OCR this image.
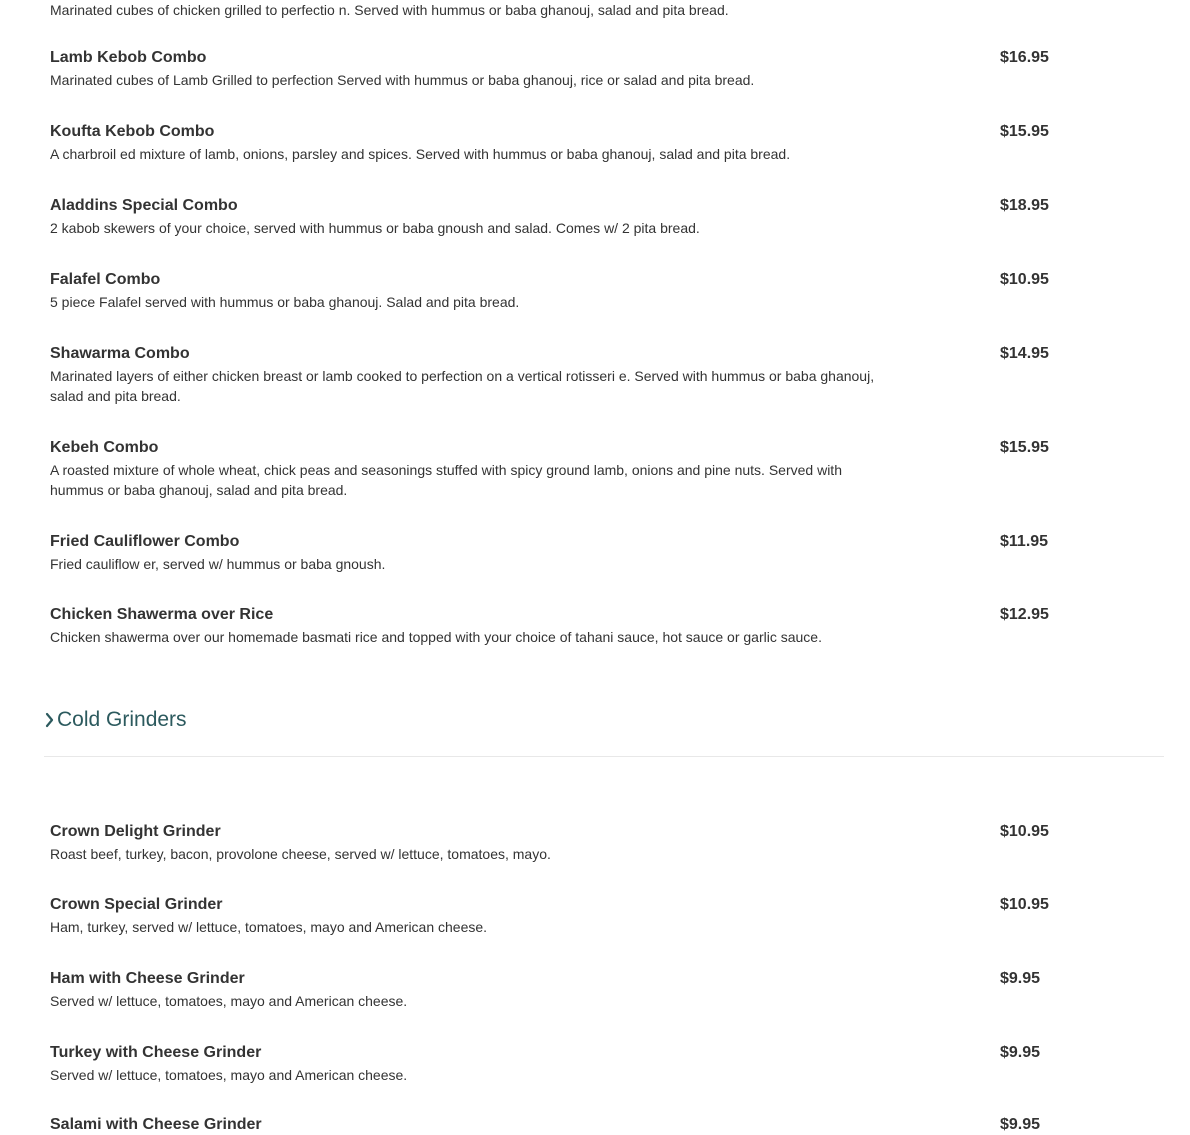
Marinated cubes of chicken grilled to perfectio n. Served with hummus or baba ghanouj, salad and pita bread.
Lamb Kebob Combo	$16.95
Marinated cubes of Lamb Grilled to perfection Served with hummus or baba ghanouj, rice or salad and pita bread.
Koufta Kebob Combo	$15.95
A charbroil ed mixture of lamb, onions, parsley and spices. Served with hummus or baba ghanouj, salad and pita bread.
Aladdins Special Combo	$18.95
2 kabob skewers of your choice, served with hummus or baba gnoush and salad. Comes w/ 2 pita bread.
Falafel Combo	$10.95
5 piece Falafel served with hummus or baba ghanouj. Salad and pita bread.
Shawarma Combo	$14.95
Marinated layers of either chicken breast or lamb cooked to perfection on a vertical rotisseri e. Served with hummus or baba ghanouj, salad and pita bread.
Kebeh Combo	$15.95
A roasted mixture of whole wheat, chick peas and seasonings stuffed with spicy ground lamb, onions and pine nuts. Served with hummus or baba ghanouj, salad and pita bread.
Fried Cauliflower Combo	$11.95
Fried cauliflow er, served w/ hummus or baba gnoush.
Chicken Shawerma over Rice	$12.95
Chicken shawerma over our homemade basmati rice and topped with your choice of tahani sauce, hot sauce or garlic sauce.
Cold Grinders
Crown Delight Grinder	$10.95
Roast beef, turkey, bacon, provolone cheese, served w/ lettuce, tomatoes, mayo.
Crown Special Grinder	$10.95
Ham, turkey, served w/ lettuce, tomatoes, mayo and American cheese.
Ham with Cheese Grinder	$9.95
Served w/ lettuce, tomatoes, mayo and American cheese.
Turkey with Cheese Grinder	$9.95
Served w/ lettuce, tomatoes, mayo and American cheese.
Salami with Cheese Grinder	$9.95
